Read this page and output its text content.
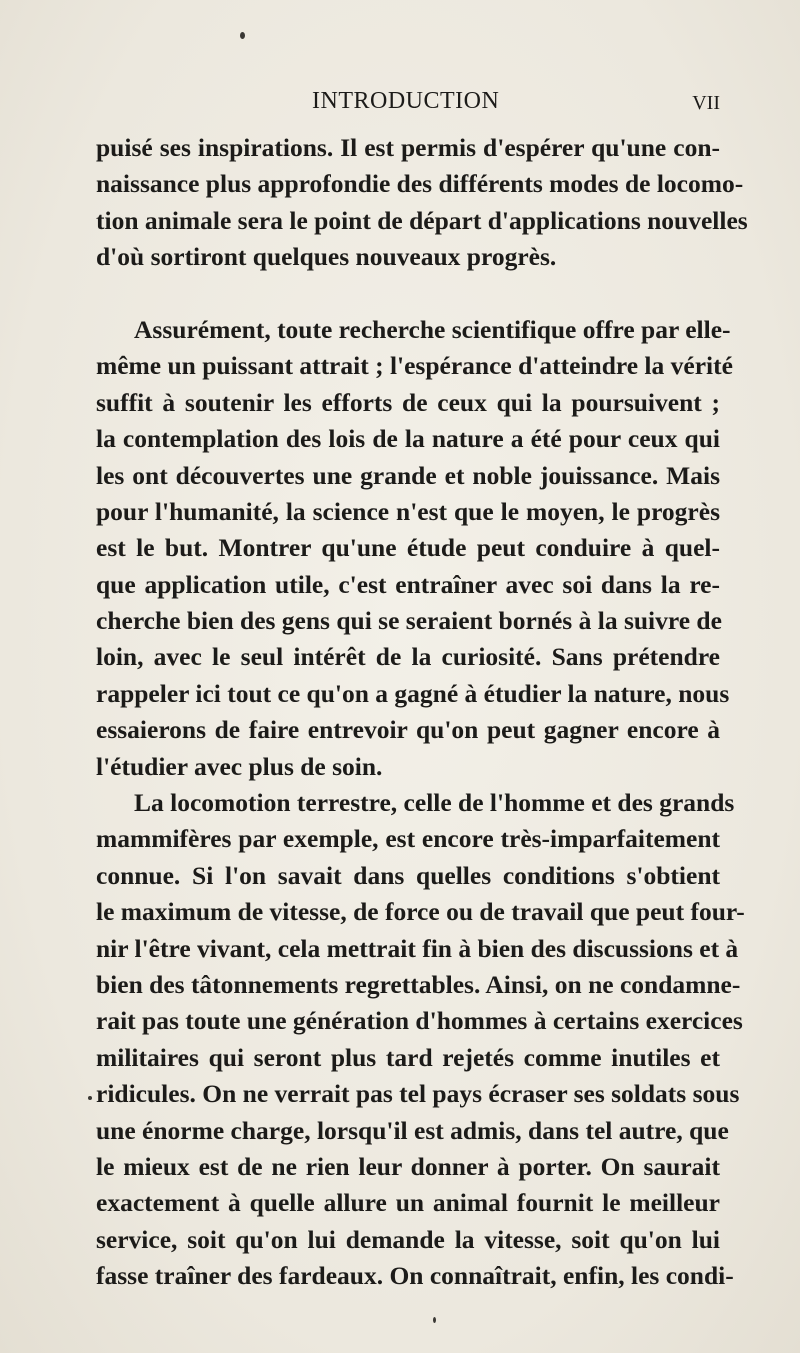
INTRODUCTION	VII
puisé ses inspirations. Il est permis d'espérer qu'une con-
naissance plus approfondie des différents modes de locomo-
tion animale sera le point de départ d'applications nouvelles
d'où sortiront quelques nouveaux progrès.
Assurément, toute recherche scientifique offre par elle-
même un puissant attrait ; l'espérance d'atteindre la vérité
suffit à soutenir les efforts de ceux qui la poursuivent ;
la contemplation des lois de la nature a été pour ceux qui
les ont découvertes une grande et noble jouissance. Mais
pour l'humanité, la science n'est que le moyen, le progrès
est le but. Montrer qu'une étude peut conduire à quel-
que application utile, c'est entraîner avec soi dans la re-
cherche bien des gens qui se seraient bornés à la suivre de
loin, avec le seul intérêt de la curiosité. Sans prétendre
rappeler ici tout ce qu'on a gagné à étudier la nature, nous
essaierons de faire entrevoir qu'on peut gagner encore à
l'étudier avec plus de soin.
La locomotion terrestre, celle de l'homme et des grands
mammifères par exemple, est encore très-imparfaitement
connue. Si l'on savait dans quelles conditions s'obtient
le maximum de vitesse, de force ou de travail que peut four-
nir l'être vivant, cela mettrait fin à bien des discussions et à
bien des tâtonnements regrettables. Ainsi, on ne condamne-
rait pas toute une génération d'hommes à certains exercices
militaires qui seront plus tard rejetés comme inutiles et
ridicules. On ne verrait pas tel pays écraser ses soldats sous
une énorme charge, lorsqu'il est admis, dans tel autre, que
le mieux est de ne rien leur donner à porter. On saurait
exactement à quelle allure un animal fournit le meilleur
service, soit qu'on lui demande la vitesse, soit qu'on lui
fasse traîner des fardeaux. On connaîtrait, enfin, les condi-
